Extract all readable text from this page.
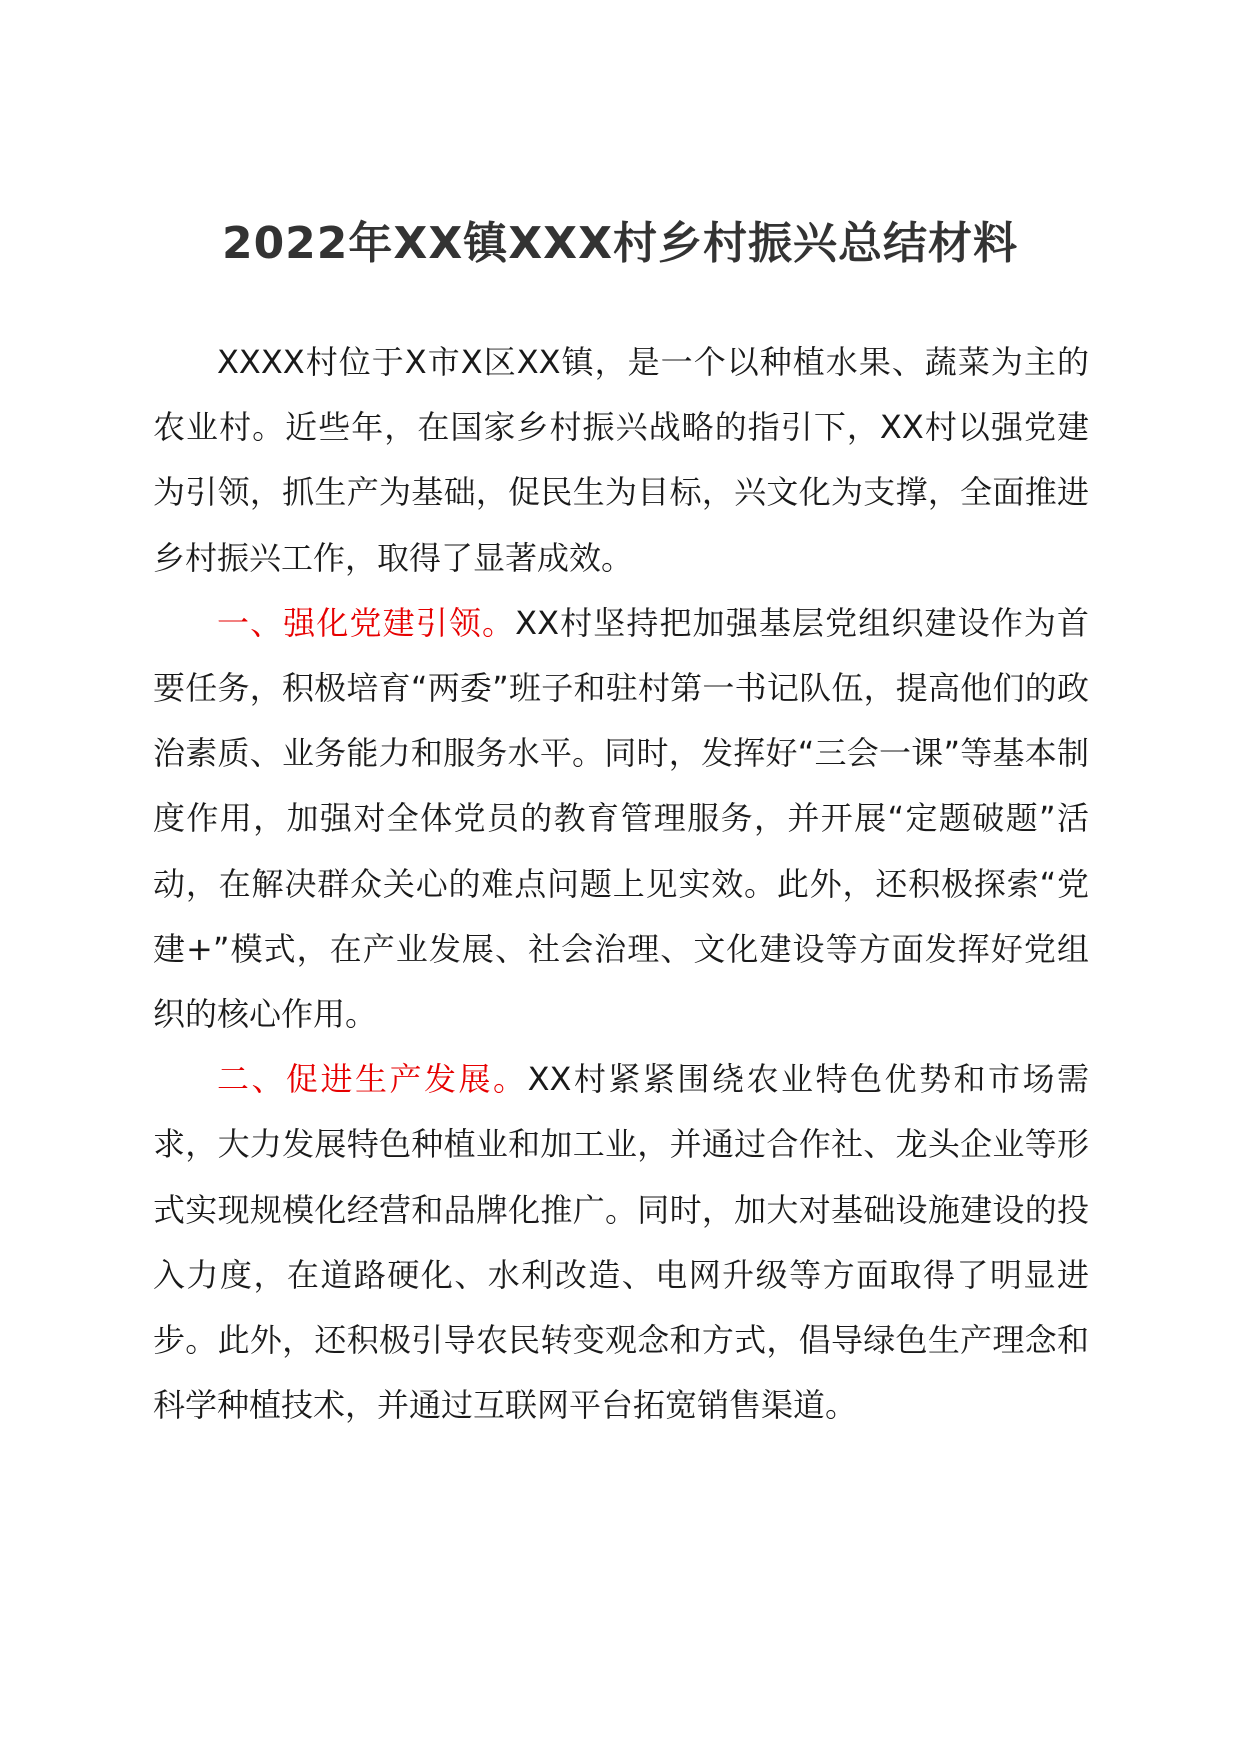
2022年XX镇XXX村乡村振兴总结材料

XXXX村位于X市X区XX镇，是一个以种植水果、蔬菜为主的农业村。近些年，在国家乡村振兴战略的指引下，XX村以强党建为引领，抓生产为基础，促民生为目标，兴文化为支撑，全面推进乡村振兴工作，取得了显著成效。

一、强化党建引领。XX村坚持把加强基层党组织建设作为首要任务，积极培育“两委”班子和驻村第一书记队伍，提高他们的政治素质、业务能力和服务水平。同时，发挥好“三会一课”等基本制度作用，加强对全体党员的教育管理服务，并开展“定题破题”活动，在解决群众关心的难点问题上见实效。此外，还积极探索“党建+”模式，在产业发展、社会治理、文化建设等方面发挥好党组织的核心作用。

二、促进生产发展。XX村紧紧围绕农业特色优势和市场需求，大力发展特色种植业和加工业，并通过合作社、龙头企业等形式实现规模化经营和品牌化推广。同时，加大对基础设施建设的投入力度，在道路硬化、水利改造、电网升级等方面取得了明显进步。此外，还积极引导农民转变观念和方式，倡导绿色生产理念和科学种植技术，并通过互联网平台拓宽销售渠道。
